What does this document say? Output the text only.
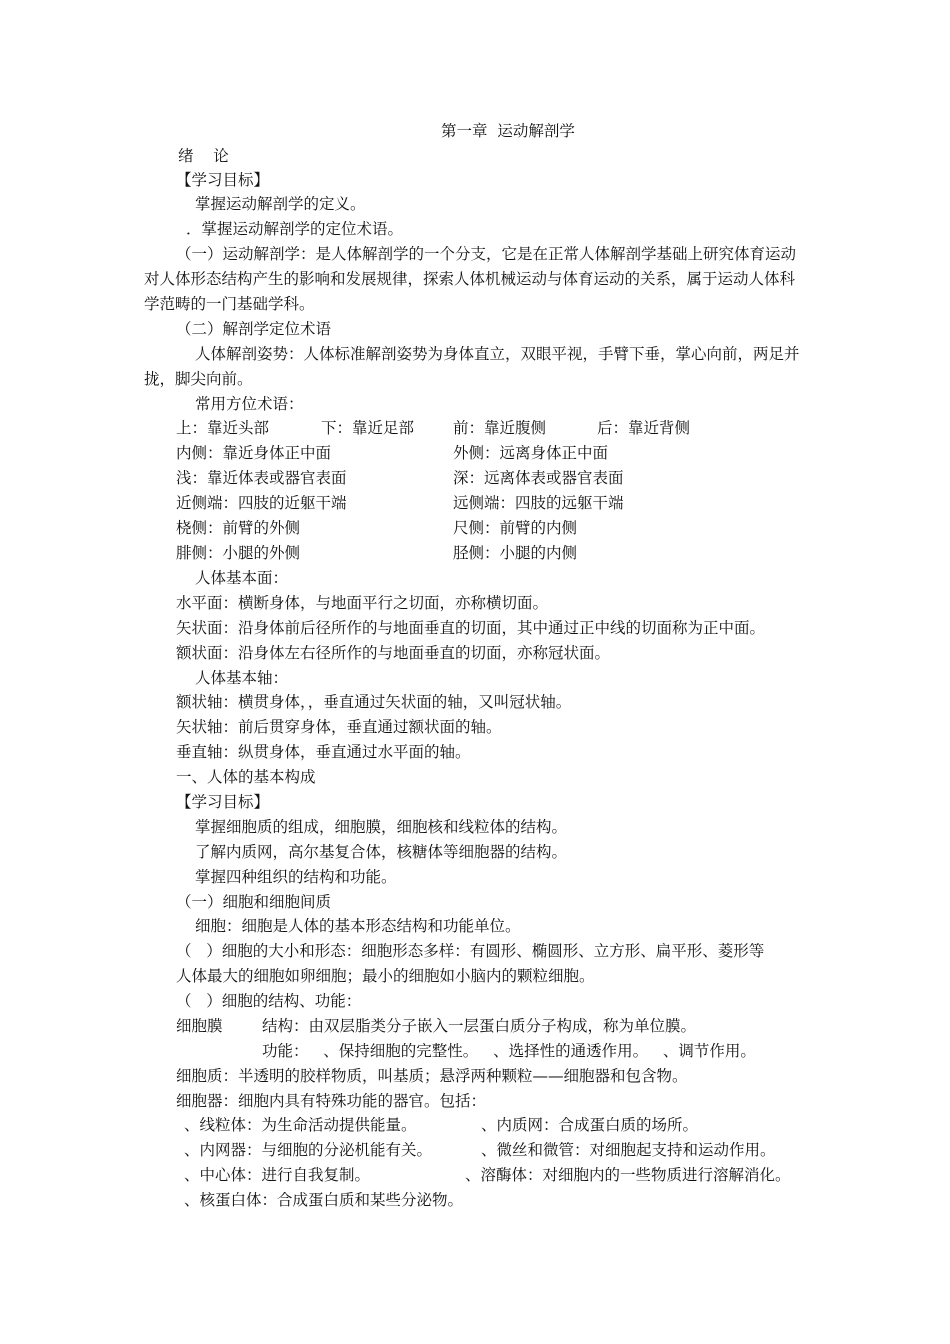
第一章  运动解剖学
绪    论
【学习目标】
掌握运动解剖学的定义。
．掌握运动解剖学的定位术语。
（一）运动解剖学：是人体解剖学的一个分支，它是在正常人体解剖学基础上研究体育运动
对人体形态结构产生的影响和发展规律，探索人体机械运动与体育运动的关系，属于运动人体科
学范畴的一门基础学科。
（二）解剖学定位术语
人体解剖姿势：人体标准解剖姿势为身体直立，双眼平视，手臂下垂，掌心向前，两足并
拢，脚尖向前。
常用方位术语：
上：靠近头部	下：靠近足部	前：靠近腹侧	后：靠近背侧
内侧：靠近身体正中面	外侧：远离身体正中面
浅：靠近体表或器官表面	深：远离体表或器官表面
近侧端：四肢的近躯干端	远侧端：四肢的远躯干端
桡侧：前臂的外侧	尺侧：前臂的内侧
腓侧：小腿的外侧	胫侧：小腿的内侧
人体基本面：
水平面：横断身体，与地面平行之切面，亦称横切面。
矢状面：沿身体前后径所作的与地面垂直的切面，其中通过正中线的切面称为正中面。
额状面：沿身体左右径所作的与地面垂直的切面，亦称冠状面。
人体基本轴：
额状轴：横贯身体，，垂直通过矢状面的轴，又叫冠状轴。
矢状轴：前后贯穿身体，垂直通过额状面的轴。
垂直轴：纵贯身体，垂直通过水平面的轴。
一、人体的基本构成
【学习目标】
掌握细胞质的组成，细胞膜，细胞核和线粒体的结构。
了解内质网，高尔基复合体，核糖体等细胞器的结构。
掌握四种组织的结构和功能。
（一）细胞和细胞间质
细胞：细胞是人体的基本形态结构和功能单位。
（   ）细胞的大小和形态：细胞形态多样：有圆形、椭圆形、立方形、扁平形、菱形等
人体最大的细胞如卵细胞；最小的细胞如小脑内的颗粒细胞。
（   ）细胞的结构、功能：
细胞膜	结构：由双层脂类分子嵌入一层蛋白质分子构成，称为单位膜。
功能：   、保持细胞的完整性。   、选择性的通透作用。   、调节作用。
细胞质：半透明的胶样物质，叫基质；悬浮两种颗粒——细胞器和包含物。
细胞器：细胞内具有特殊功能的器官。包括：
、线粒体：为生命活动提供能量。	、内质网：合成蛋白质的场所。
、内网器：与细胞的分泌机能有关。	、微丝和微管：对细胞起支持和运动作用。
、中心体：进行自我复制。	、溶酶体：对细胞内的一些物质进行溶解消化。
、核蛋白体：合成蛋白质和某些分泌物。
